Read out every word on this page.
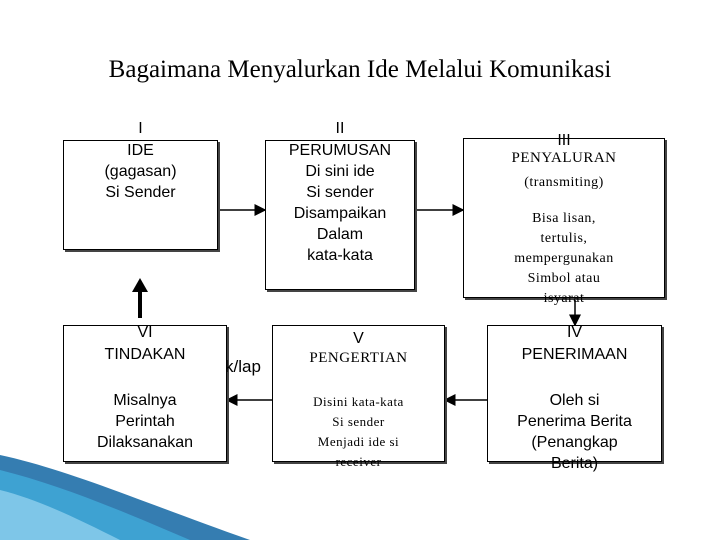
Bagaimana Menyalurkan Ide Melalui Komunikasi
I
IDE
(gagasan)
Si Sender
II
PERUMUSAN
Di sini ide
Si sender
Disampaikan
Dalam
kata-kata
III
PENYALURAN
(transmiting)
Bisa lisan,
tertulis,
mempergunakan
Simbol atau
isyarat
IV
PENERIMAAN
Oleh si
Penerima Berita
(Penangkap
Berita)
V
PENGERTIAN
Disini kata-kata
Si sender
Menjadi ide si
receiver
VI
TINDAKAN
Misalnya
Perintah
Dilaksanakan
k/lap
